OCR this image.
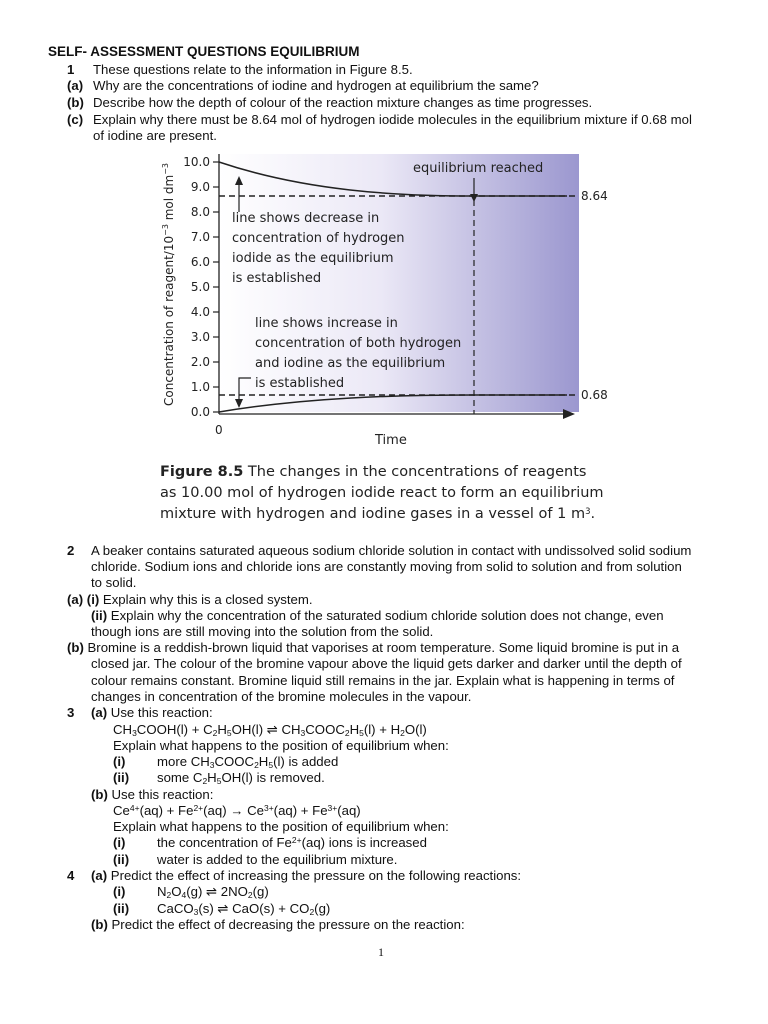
SELF- ASSESSMENT QUESTIONS EQUILIBRIUM
1 These questions relate to the information in Figure 8.5.
(a) Why are the concentrations of iodine and hydrogen at equilibrium the same?
(b) Describe how the depth of colour of the reaction mixture changes as time progresses.
(c) Explain why there must be 8.64 mol of hydrogen iodide molecules in the equilibrium mixture if 0.68 mol
of iodine are present.
0.0
1.0
2.0
3.0
4.0
5.0
6.0
7.0
8.0
9.0
10.0	equilibrium reached
8.64
0.68
line shows decrease in
concentration of hydrogen
iodide as the equilibrium
is established
line shows increase in
concentration of both hydrogen
and iodine as the equilibrium
is established
Time
0
Concentration of reagent/$10^{-3}$ mol $dm^{-3}$
Figure 8.5 The changes in the concentrations of reagents
as 10.00 mol of hydrogen iodide react to form an equilibrium
mixture with hydrogen and iodine gases in a vessel of 1 $m^3$.
2 A beaker contains saturated aqueous sodium chloride solution in contact with undissolved solid sodium
chloride. Sodium ions and chloride ions are constantly moving from solid to solution and from solution
to solid.
(a) (i) Explain why this is a closed system.
(ii) Explain why the concentration of the saturated sodium chloride solution does not change, even
though ions are still moving into the solution from the solid.
(b) Bromine is a reddish-brown liquid that vaporises at room temperature. Some liquid bromine is put in a
closed jar. The colour of the bromine vapour above the liquid gets darker and darker until the depth of
colour remains constant. Bromine liquid still remains in the jar. Explain what is happening in terms of
changes in concentration of the bromine molecules in the vapour.
3 (a) Use this reaction:
$CH_3COOH(l) + C_2H_5OH(l)$ ⇌ $CH_3COOC_2H_5(l) + H_2O(l)$
Explain what happens to the position of equilibrium when:
(i) more $CH_3COOC_2H_5(l)$ is added
(ii) some $C_2H_5OH(l)$ is removed.
(b) Use this reaction:
$Ce^{4+}(aq) + Fe^{2+}(aq) \to Ce^{3+}(aq) + Fe^{3+}(aq)$
Explain what happens to the position of equilibrium when:
(i) the concentration of $Fe^{2+}(aq)$ ions is increased
(ii) water is added to the equilibrium mixture.
4 (a) Predict the effect of increasing the pressure on the following reactions:
(i) $N_2O_4(g)$ ⇌ $2NO_2(g)$
(ii) CaCO$_3$(s) ⇌ $CaO(s) + CO_2(g)$
(b) Predict the effect of decreasing the pressure on the reaction:
1
